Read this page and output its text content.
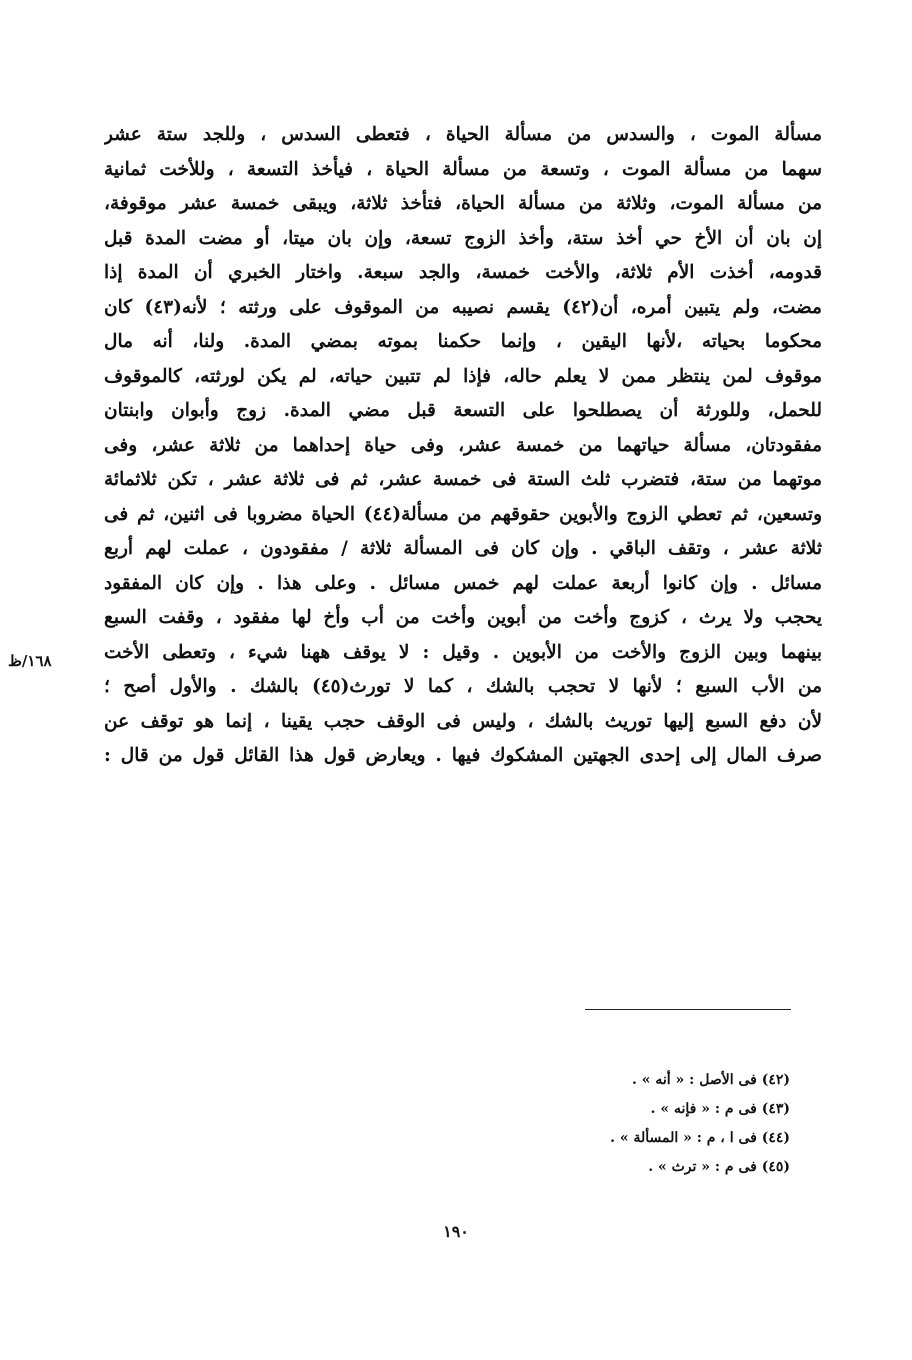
مسألة الموت ، والسدس من مسألة الحياة ، فتعطى السدس ، وللجد ستة عشر
سهما من مسألة الموت ، وتسعة من مسألة الحياة ، فيأخذ التسعة ، وللأخت ثمانية
من مسألة الموت، وثلاثة من مسألة الحياة، فتأخذ ثلاثة، ويبقى خمسة عشر موقوفة،
إن بان أن الأخ حي أخذ ستة، وأخذ الزوج تسعة، وإن بان ميتا، أو مضت المدة قبل
قدومه، أخذت الأم ثلاثة، والأخت خمسة، والجد سبعة. واختار الخبري أن المدة إذا
مضت، ولم يتبين أمره، أن(٤٢) يقسم نصيبه من الموقوف على ورثته ؛ لأنه(٤٣) كان
محكوما بحياته ،لأنها اليقين ، وإنما حكمنا بموته بمضي المدة. ولنا، أنه مال
موقوف لمن ينتظر ممن لا يعلم حاله، فإذا لم تتبين حياته، لم يكن لورثته، كالموقوف
للحمل، وللورثة أن يصطلحوا على التسعة قبل مضي المدة. زوج وأبوان وابنتان
مفقودتان، مسألة حياتهما من خمسة عشر، وفى حياة إحداهما من ثلاثة عشر، وفى
موتهما من ستة، فتضرب ثلث الستة فى خمسة عشر، ثم فى ثلاثة عشر ، تكن ثلاثمائة
وتسعين، ثم تعطي الزوج والأبوين حقوقهم من مسألة(٤٤) الحياة مضروبا فى اثنين، ثم فى
ثلاثة عشر ، وتقف الباقي . وإن كان فى المسألة ثلاثة / مفقودون ، عملت لهم أربع
مسائل . وإن كانوا أربعة عملت لهم خمس مسائل . وعلى هذا . وإن كان المفقود
يحجب ولا يرث ، كزوج وأخت من أبوين وأخت من أب وأخ لها مفقود ، وقفت السبع
بينهما وبين الزوج والأخت من الأبوين . وقيل : لا يوقف ههنا شيء ، وتعطى الأخت
من الأب السبع ؛ لأنها لا تحجب بالشك ، كما لا تورث(٤٥) بالشك . والأول أصح ؛
لأن دفع السبع إليها توريث بالشك ، وليس فى الوقف حجب يقينا ، إنما هو توقف عن
صرف المال إلى إحدى الجهتين المشكوك فيها . ويعارض قول هذا القائل قول من قال :
١٦٨/ظ
(٤٢) فى الأصل : « أنه » .
(٤٣) فى م : « فإنه » .
(٤٤) فى ا ، م : « المسألة » .
(٤٥) فى م : « ترث » .
١٩٠
